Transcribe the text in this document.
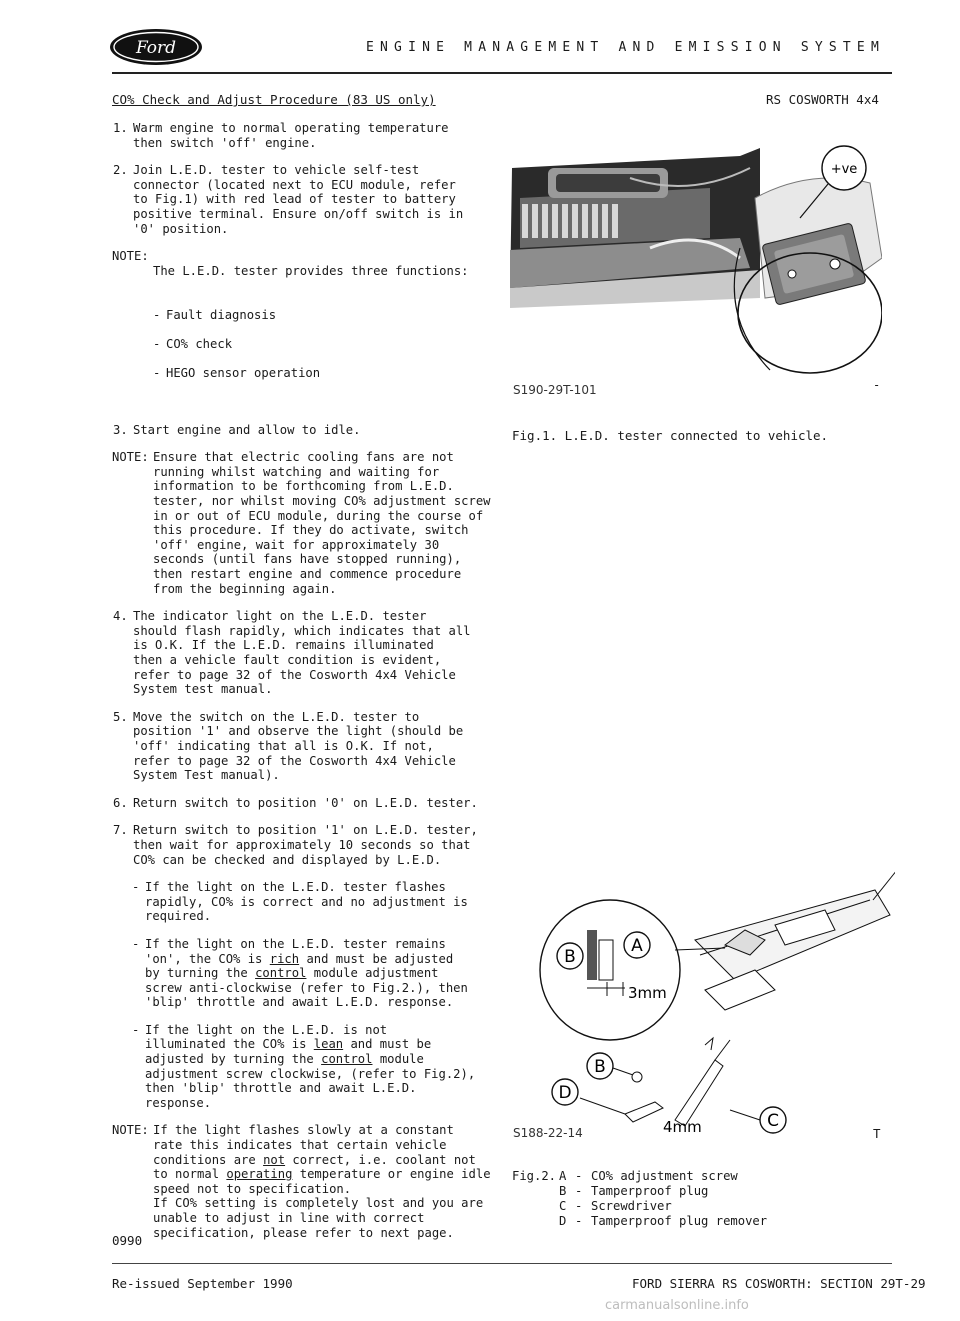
Ford	ENGINE MANAGEMENT AND EMISSION SYSTEM
CO% Check and Adjust Procedure (83 US only)	RS COSWORTH 4x4
1. Warm engine to normal operating temperature
then switch 'off' engine.
2. Join L.E.D. tester to vehicle self-test
connector (located next to ECU module, refer
to Fig.1) with red lead of tester to battery
positive terminal. Ensure on/off switch is in
'0' position.
NOTE:

The L.E.D. tester provides three functions:

- Fault diagnosis

- CO% check

- HEGO sensor operation

3. Start engine and allow to idle.
NOTE: Ensure that electric cooling fans are not
running whilst watching and waiting for
information to be forthcoming from L.E.D.
tester, nor whilst moving CO% adjustment screw
in or out of ECU module, during the course of
this procedure. If they do activate, switch
'off' engine, wait for approximately 30
seconds (until fans have stopped running),
then restart engine and commence procedure
from the beginning again.
4. The indicator light on the L.E.D. tester
should flash rapidly, which indicates that all
is O.K. If the L.E.D. remains illuminated
then a vehicle fault condition is evident,
refer to page 32 of the Cosworth 4x4 Vehicle
System test manual.
5. Move the switch on the L.E.D. tester to
position '1' and observe the light (should be
'off' indicating that all is O.K. If not,
refer to page 32 of the Cosworth 4x4 Vehicle
System Test manual).
6. Return switch to position '0' on L.E.D. tester.
7. Return switch to position '1' on L.E.D. tester,
then wait for approximately 10 seconds so that
CO% can be checked and displayed by L.E.D.
- If the light on the L.E.D. tester flashes
rapidly, CO% is correct and no adjustment is
required.
- If the light on the L.E.D. tester remains
'on', the CO% is rich and must be adjusted
by turning the control module adjustment
screw anti-clockwise (refer to Fig.2.), then
'blip' throttle and await L.E.D. response.
- If the light on the L.E.D. is not
illuminated the CO% is lean and must be
adjusted by turning the control module
adjustment screw clockwise, (refer to Fig.2),
then 'blip' throttle and await L.E.D.
response.
NOTE: If the light flashes slowly at a constant
rate this indicates that certain vehicle
conditions are not correct, i.e. coolant not
to normal operating temperature or engine idle
speed not to specification.
If CO% setting is completely lost and you are
unable to adjust in line with correct
specification, please refer to next page.
0990
+ve
S190-29T-101	-
Fig.1. L.E.D. tester connected to vehicle.
3mm
B
A
B
D
C
4mm
S188-22-14	T
Fig.2. A - CO% adjustment screw
B - Tamperproof plug
C - Screwdriver
D - Tamperproof plug remover
Re-issued September 1990	FORD SIERRA RS COSWORTH: SECTION 29T-29
carmanualsonline.info
